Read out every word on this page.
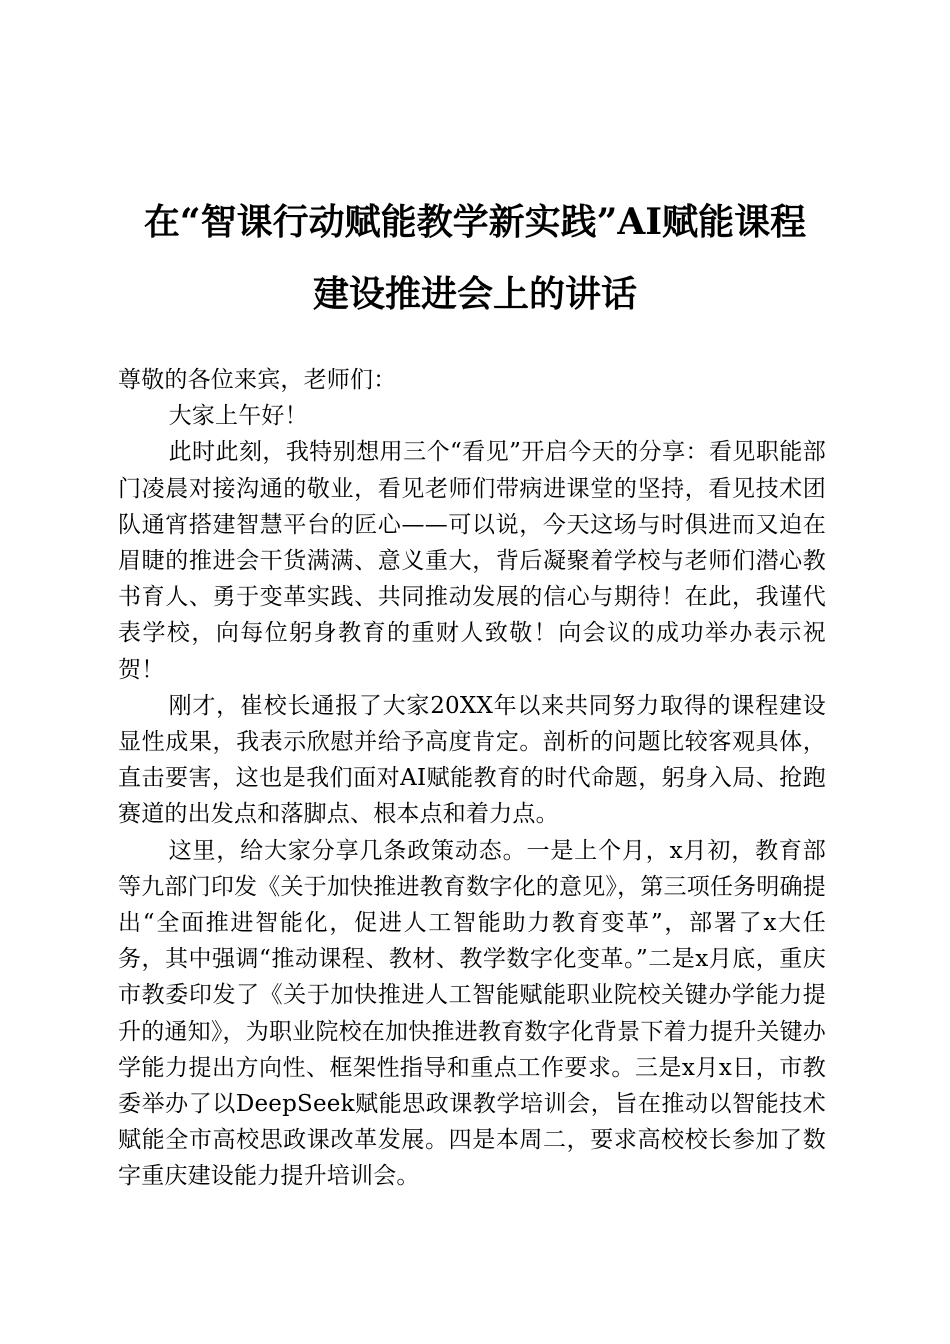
在“智课行动赋能教学新实践”AI赋能课程
建设推进会上的讲话

尊敬的各位来宾，老师们：

大家上午好！

此时此刻，我特别想用三个“看见”开启今天的分享：看见职能部门凌晨对接沟通的敬业，看见老师们带病进课堂的坚持，看见技术团队通宵搭建智慧平台的匠心——可以说，今天这场与时俱进而又迫在眉睫的推进会干货满满、意义重大，背后凝聚着学校与老师们潜心教书育人、勇于变革实践、共同推动发展的信心与期待！在此，我谨代表学校，向每位躬身教育的重财人致敬！向会议的成功举办表示祝贺！

刚才，崔校长通报了大家20XX年以来共同努力取得的课程建设显性成果，我表示欣慰并给予高度肯定。剖析的问题比较客观具体，直击要害，这也是我们面对AI赋能教育的时代命题，躬身入局、抢跑赛道的出发点和落脚点、根本点和着力点。

这里，给大家分享几条政策动态。一是上个月，x月初，教育部等九部门印发《关于加快推进教育数字化的意见》，第三项任务明确提出“全面推进智能化，促进人工智能助力教育变革”，部署了x大任务，其中强调“推动课程、教材、教学数字化变革。”二是x月底，重庆市教委印发了《关于加快推进人工智能赋能职业院校关键办学能力提升的通知》，为职业院校在加快推进教育数字化背景下着力提升关键办学能力提出方向性、框架性指导和重点工作要求。三是x月x日，市教委举办了以DeepSeek赋能思政课教学培训会，旨在推动以智能技术赋能全市高校思政课改革发展。四是本周二，要求高校校长参加了数字重庆建设能力提升培训会。
